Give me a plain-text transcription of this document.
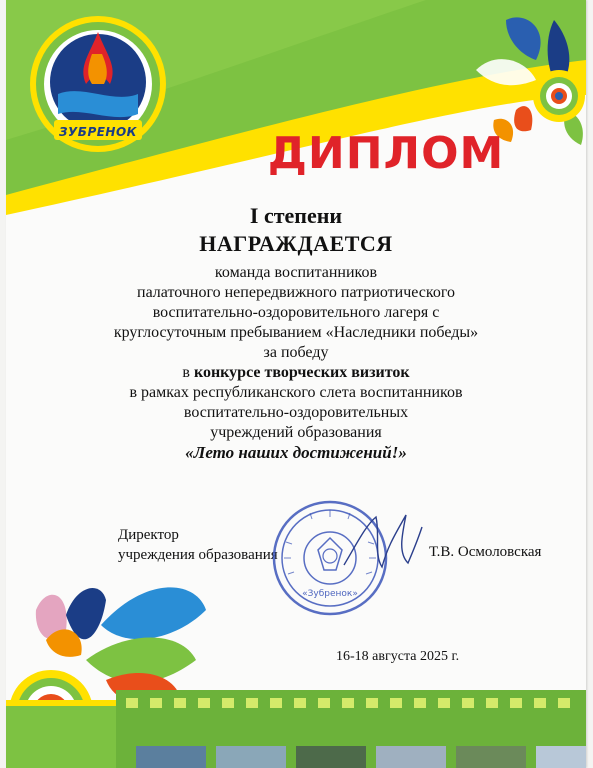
ЗУБРЕНОК	ДИПЛОМ
I степени
НАГРАЖДАЕТСЯ
команда воспитанников
палаточного непередвижного патриотического
воспитательно-оздоровительного лагеря с
круглосуточным пребыванием «Наследники победы»
за победу
в конкурсе творческих визиток
в рамках республиканского слета воспитанников
воспитательно-оздоровительных
учреждений образования
«Лето наших достижений!»
Директор
учреждения образования
«Зубренок»
Т.В. Осмоловская
16-18 августа 2025 г.
